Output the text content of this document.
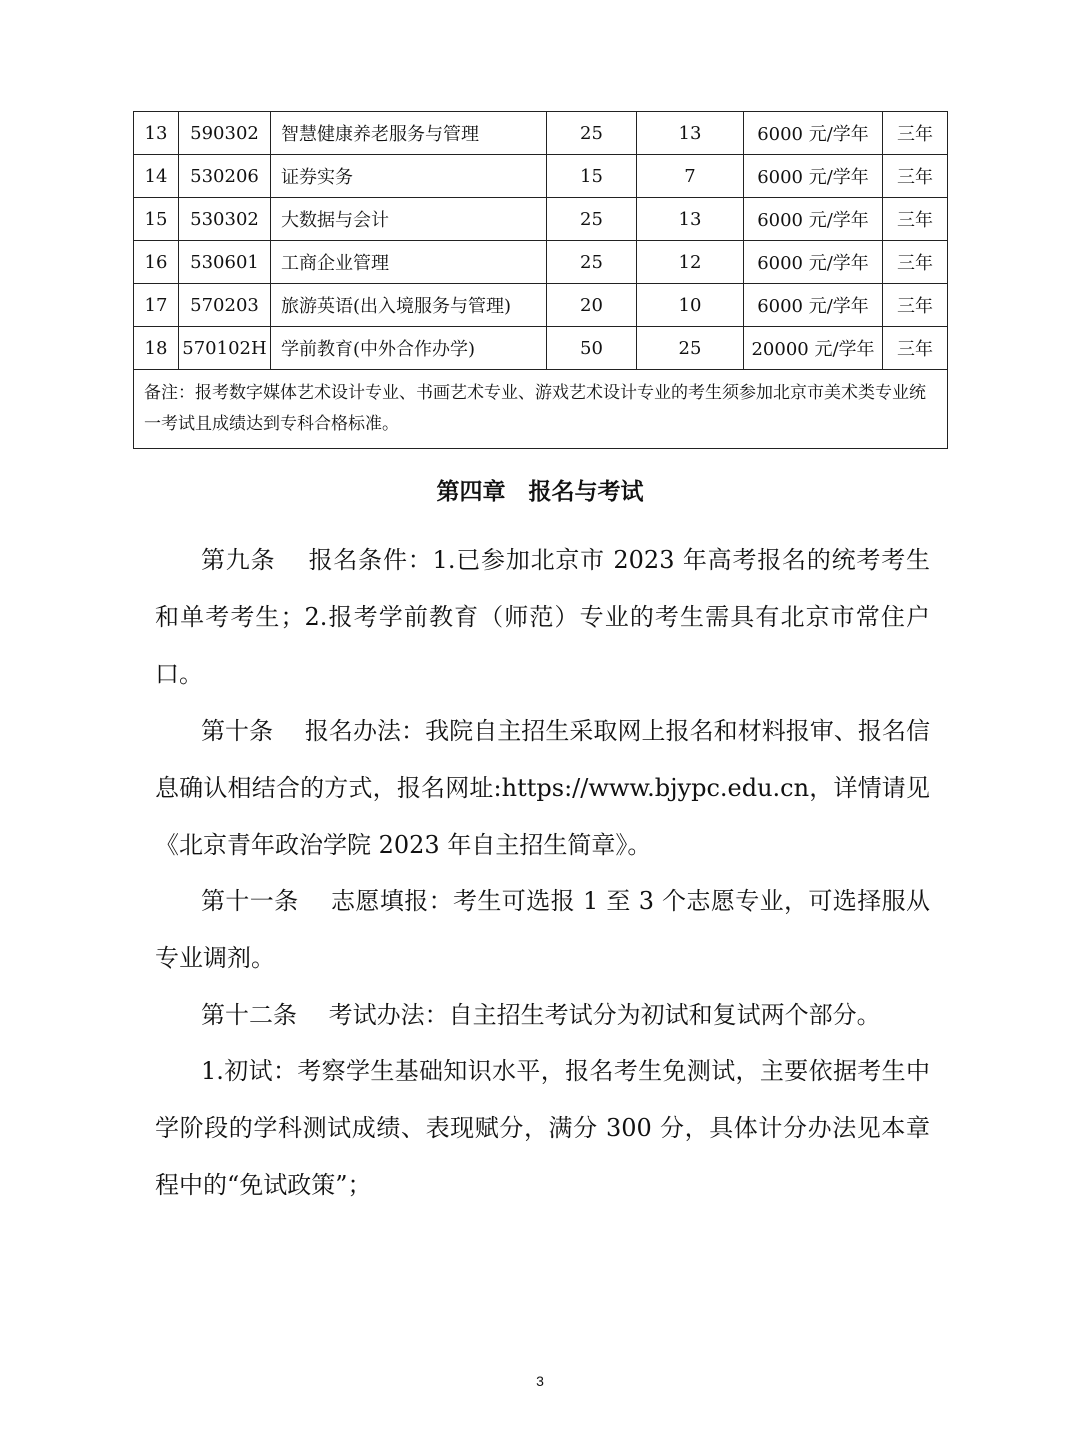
13	590302	智慧健康养老服务与管理	25	13	6000 元/学年	三年
14	530206	证券实务	15	7	6000 元/学年	三年
15	530302	大数据与会计	25	13	6000 元/学年	三年
16	530601	工商企业管理	25	12	6000 元/学年	三年
17	570203	旅游英语(出入境服务与管理)	20	10	6000 元/学年	三年
18	570102H	学前教育(中外合作办学)	50	25	20000 元/学年	三年
备注：报考数字媒体艺术设计专业、书画艺术专业、游戏艺术设计专业的考生须参加北京市美术类专业统一考试且成绩达到专科合格标准。						
第四章　报名与考试

第九条　 报名条件：1.已参加北京市 2023 年高考报名的统考考生和单考考生；2.报考学前教育（师范）专业的考生需具有北京市常住户口。

第十条　 报名办法：我院自主招生采取网上报名和材料报审、报名信息确认相结合的方式，报名网址:https://www.bjypc.edu.cn，详情请见《北京青年政治学院 2023 年自主招生简章》。

第十一条　 志愿填报：考生可选报 1 至 3 个志愿专业，可选择服从专业调剂。

第十二条　 考试办法：自主招生考试分为初试和复试两个部分。

1.初试：考察学生基础知识水平，报名考生免测试，主要依据考生中学阶段的学科测试成绩、表现赋分，满分 300 分，具体计分办法见本章程中的“免试政策”；

3
